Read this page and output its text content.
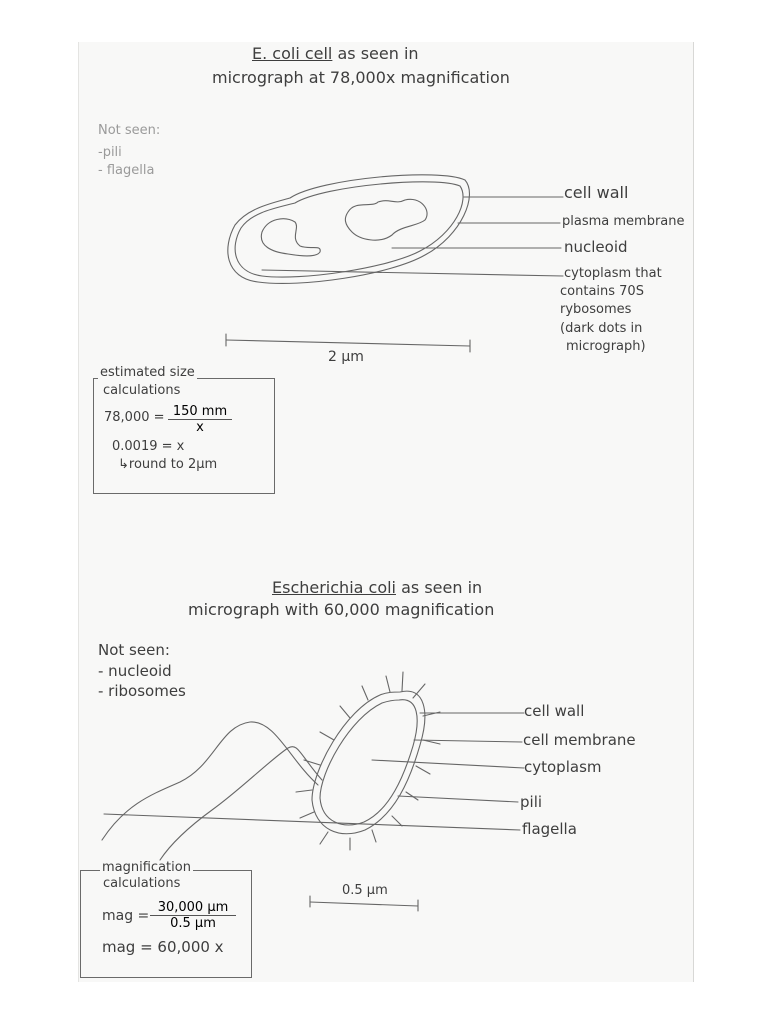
E. coli cell as seen in
micrograph at 78,000x magnification
Not seen:
-pili
- flagella
cell wall
plasma membrane
nucleoid
cytoplasm that
contains 70S
rybosomes
(dark dots in
micrograph)
2 μm
estimated size
calculations
78,000 = 150 mm
x
0.0019 = x
↳round to 2μm
Escherichia coli as seen in
micrograph with 60,000 magnification
Not seen:
- nucleoid
- ribosomes
cell wall
cell membrane
cytoplasm
pili
flagella
0.5 μm
magnification
calculations
mag =
30,000 μm
0.5 μm
mag = 60,000 x
